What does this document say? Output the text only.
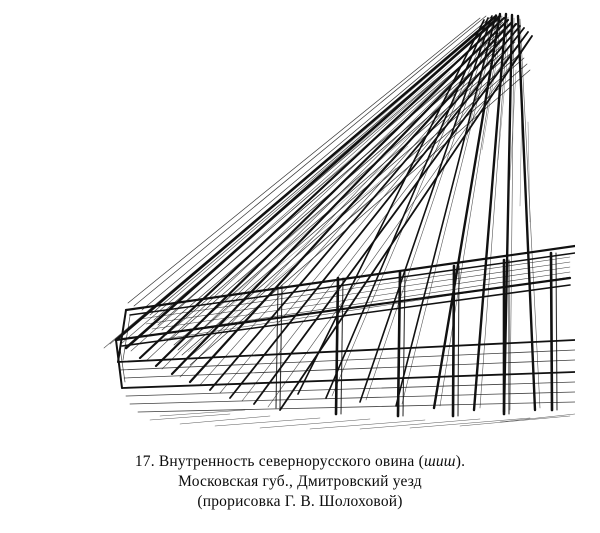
17. Внутренность севернорусского овина (шиш).
Московская губ., Дмитровский уезд
(прорисовка Г. В. Шолоховой)
